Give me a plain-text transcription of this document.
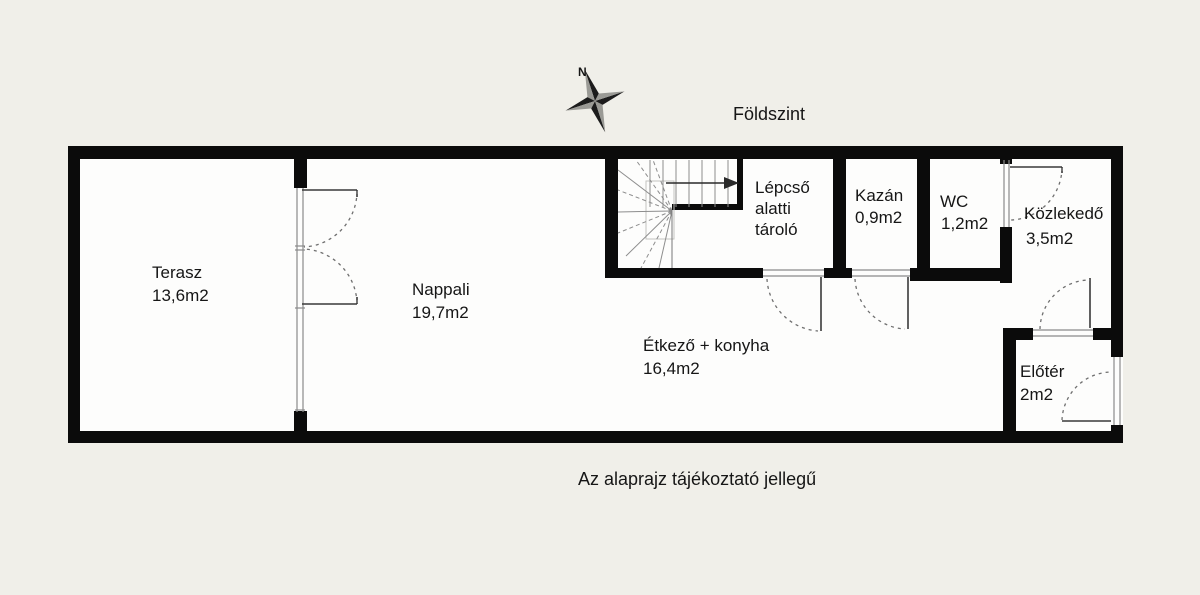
N
Földszint
Terasz
13,6m2	Nappali
19,7m2
Étkező + konyha
16,4m2
Lépcső
alatti
tároló
Kazán
0,9m2
WC
1,2m2
Közlekedő
3,5m2
Előtér
2m2
Az alaprajz tájékoztató jellegű
